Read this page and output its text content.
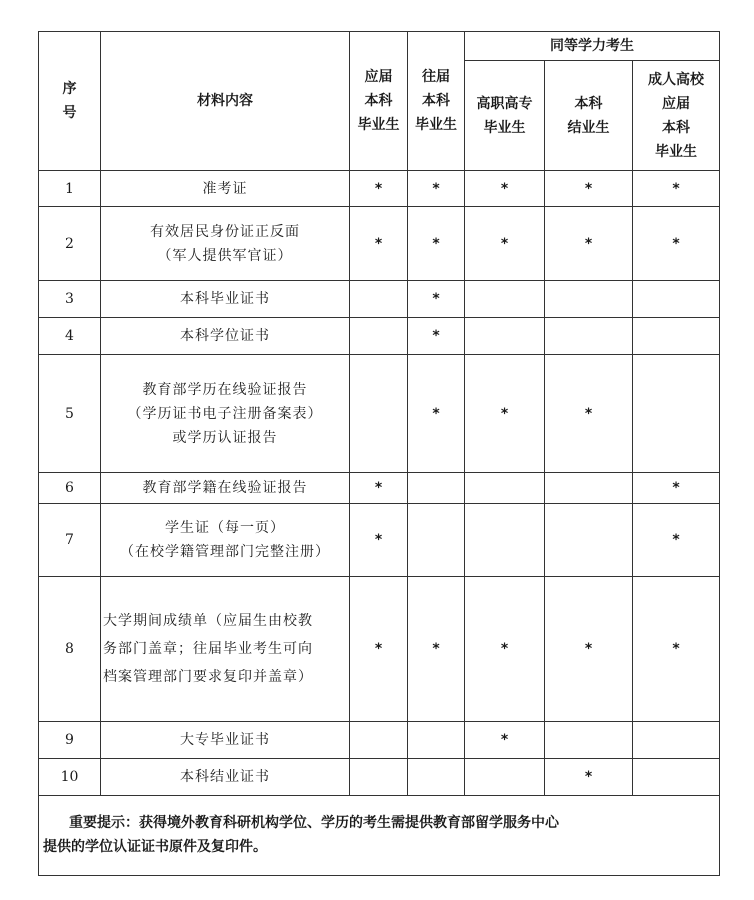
序
号	材料内容	应届
本科
毕业生	往届
本科
毕业生	同等学力考生		

				高职高专
毕业生	本科
结业生	成人高校
应届
本科
毕业生

1	准考证	*	*	*	*	*
2	有效居民身份证正反面
（军人提供军官证）	*	*	*	*	*
3	本科毕业证书		*			
4	本科学位证书		*			
5	教育部学历在线验证报告
（学历证书电子注册备案表）
或学历认证报告		*	*	*	
6	教育部学籍在线验证报告	*				*
7	学生证（每一页）
（在校学籍管理部门完整注册）	*				*
8	大学期间成绩单（应届生由校教
务部门盖章；往届毕业考生可向
档案管理部门要求复印并盖章）	*	*	*	*	*
9	大专毕业证书			*		
10	本科结业证书				*	
重要提示：获得境外教育科研机构学位、学历的考生需提供教育部留学服务中心
提供的学位认证证书原件及复印件。						
